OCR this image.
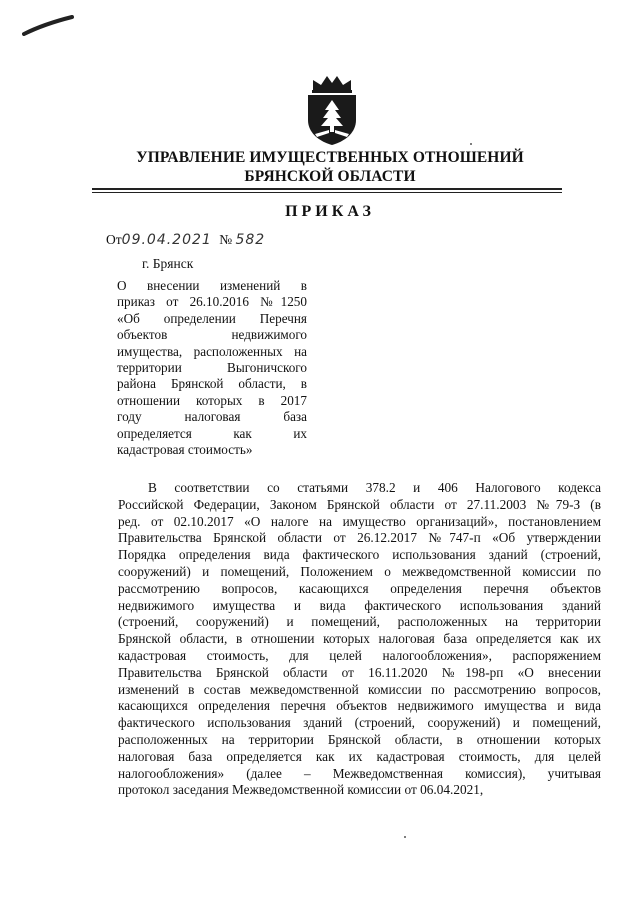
УПРАВЛЕНИЕ ИМУЩЕСТВЕННЫХ ОТНОШЕНИЙ
БРЯНСКОЙ ОБЛАСТИ
ПРИКАЗ
От09.04.2021 № 582
г. Брянск
О внесении изменений в
приказ от 26.10.2016 №1250
«Об определении Перечня
объектов недвижимого
имущества, расположенных на
территории Выгоничского
района Брянской области, в
отношении которых в 2017
году налоговая база
определяется как их
кадастровая стоимость»
В соответствии со статьями 378.2 и 406 Налогового кодекса
Российской Федерации, Законом Брянской области от 27.11.2003 №79-З (в
ред. от 02.10.2017 «О налоге на имущество организаций», постановлением
Правительства Брянской области от 26.12.2017 №747-п «Об утверждении
Порядка определения вида фактического использования зданий (строений,
сооружений) и помещений, Положением о межведомственной комиссии по
рассмотрению вопросов, касающихся определения перечня объектов
недвижимого имущества и вида фактического использования зданий
(строений, сооружений) и помещений, расположенных на территории
Брянской области, в отношении которых налоговая база определяется как их
кадастровая стоимость, для целей налогообложения», распоряжением
Правительства Брянской области от 16.11.2020 №198-рп «О внесении
изменений в состав межведомственной комиссии по рассмотрению вопросов,
касающихся определения перечня объектов недвижимого имущества и вида
фактического использования зданий (строений, сооружений) и помещений,
расположенных на территории Брянской области, в отношении которых
налоговая база определяется как их кадастровая стоимость, для целей
налогообложения» (далее – Межведомственная комиссия), учитывая
протокол заседания Межведомственной комиссии от 06.04.2021,
